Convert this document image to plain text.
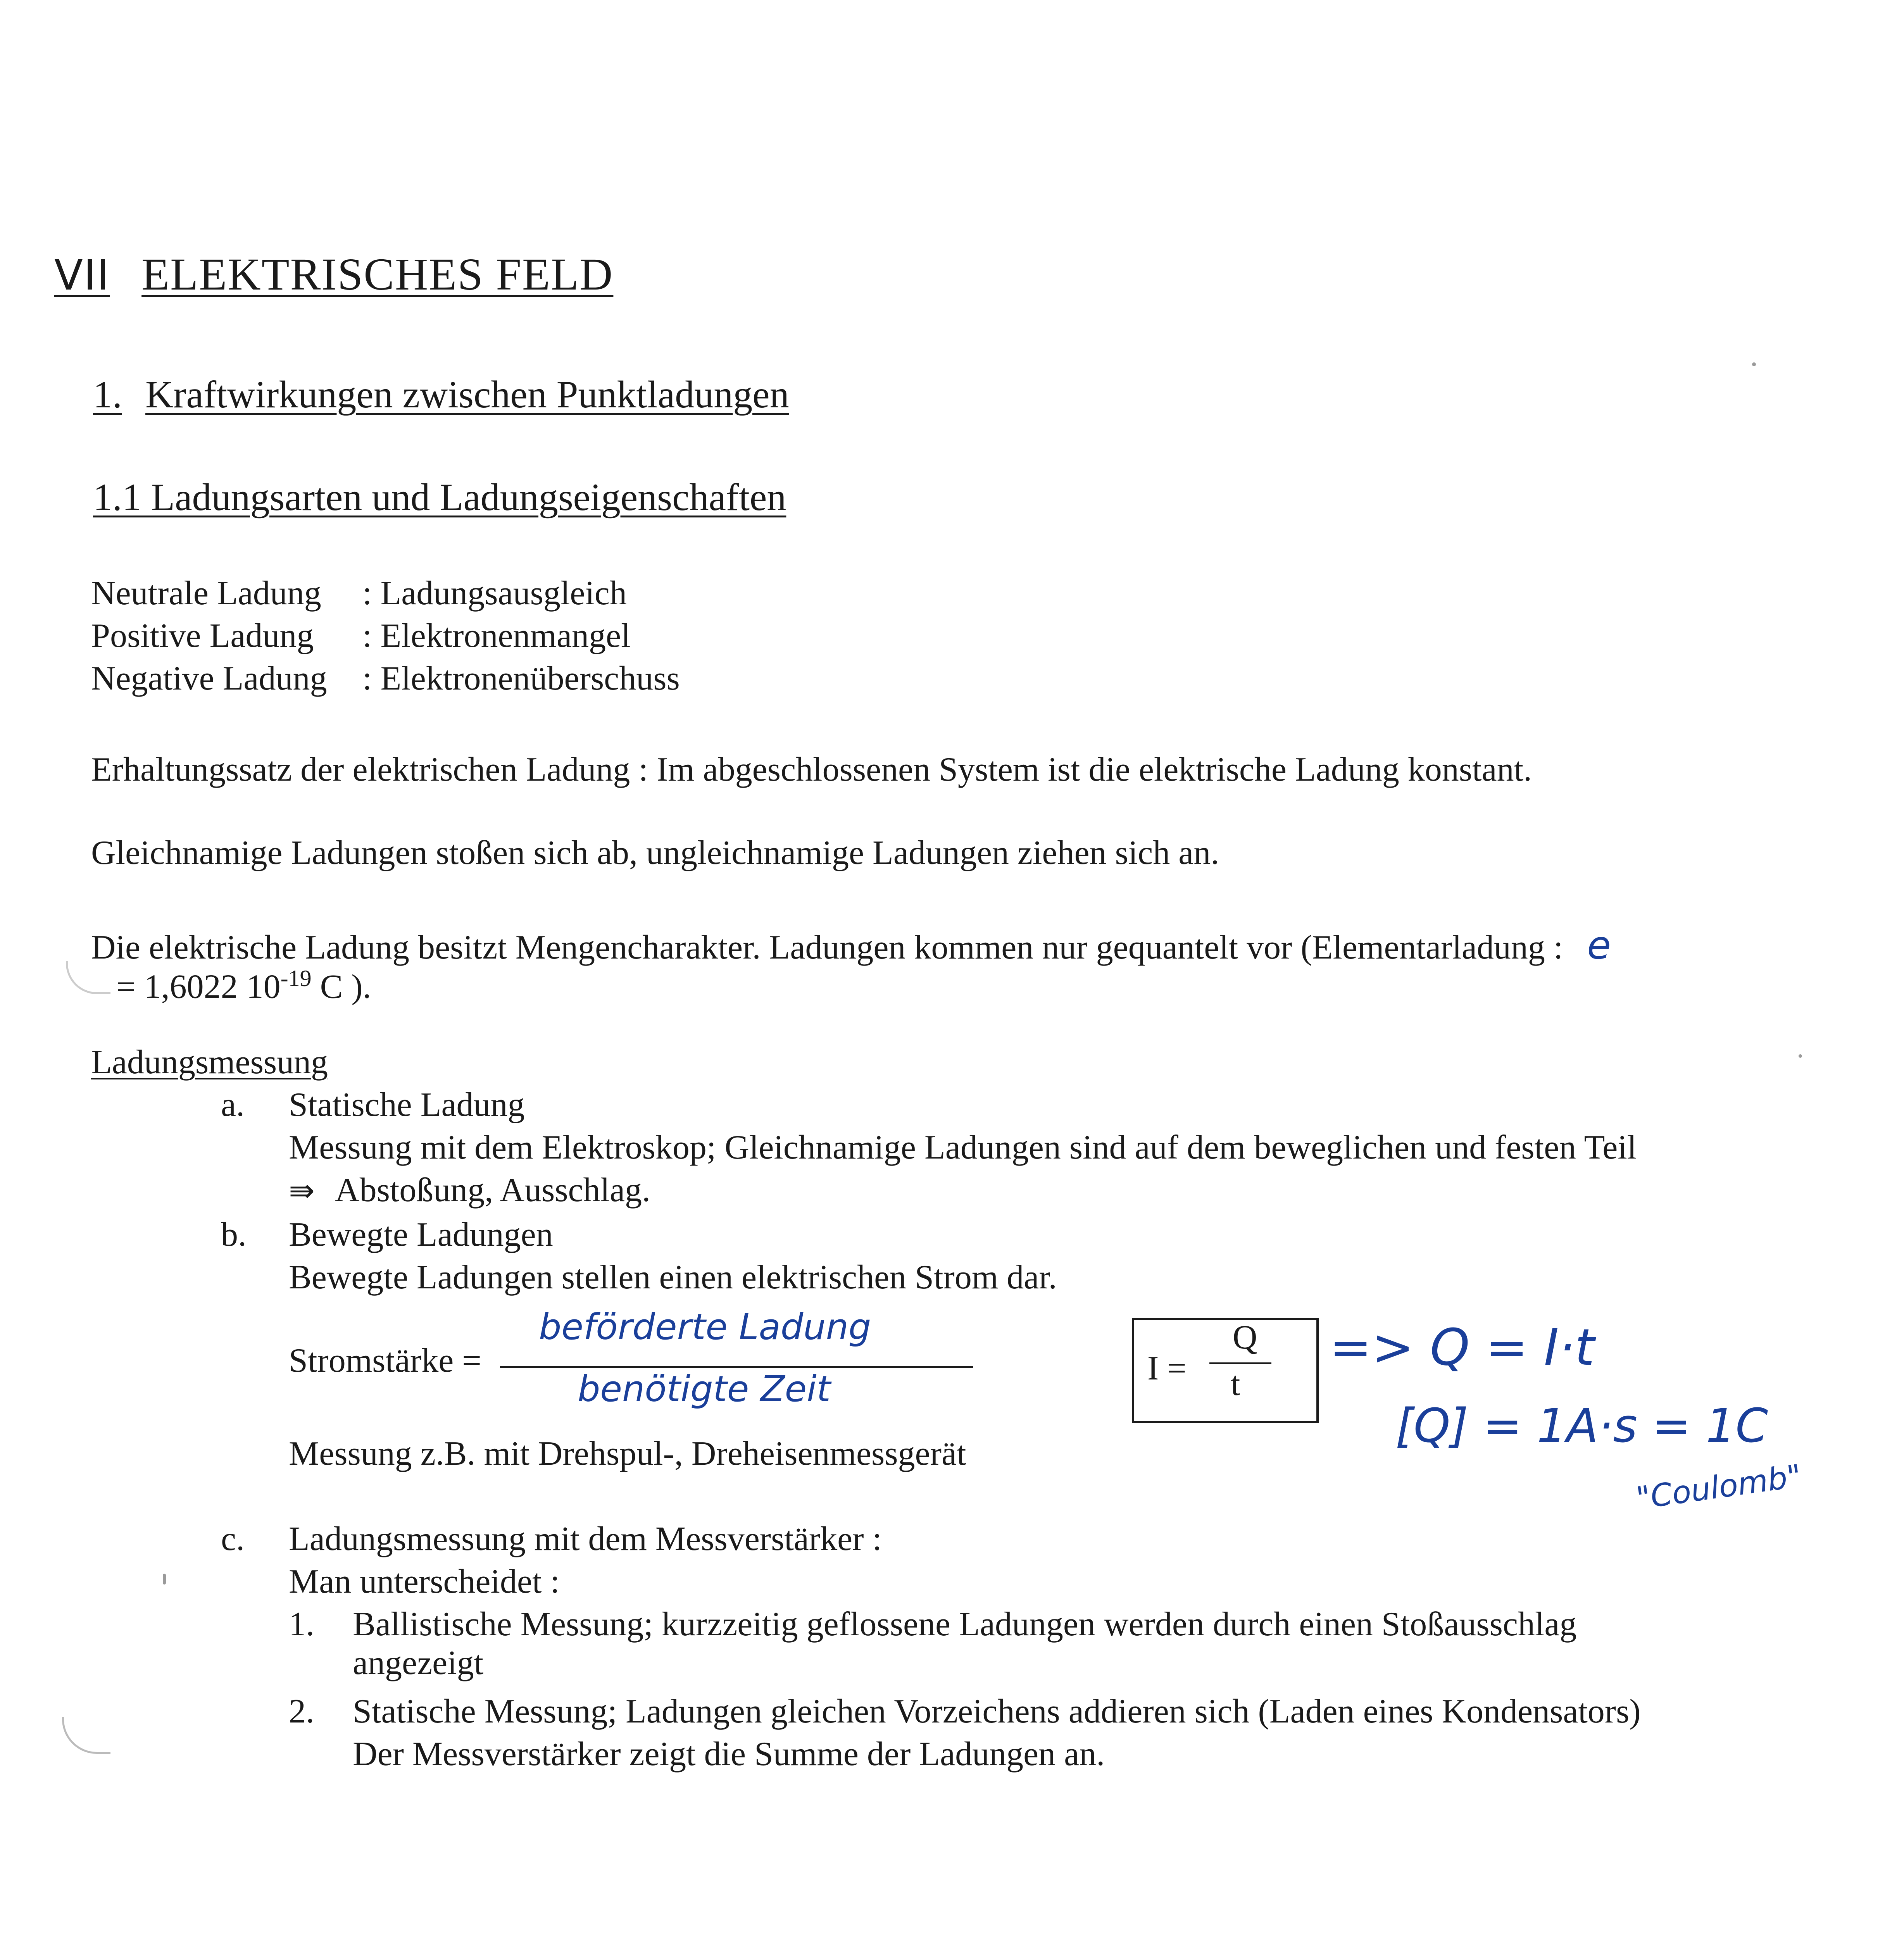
VII ELEKTRISCHES FELD
1. Kraftwirkungen zwischen Punktladungen
1.1 Ladungsarten und Ladungseigenschaften
Neutrale Ladung : Ladungsausgleich
Positive Ladung : Elektronenmangel
Negative Ladung : Elektronenüberschuss
Erhaltungssatz der elektrischen Ladung : Im abgeschlossenen System ist die elektrische Ladung konstant.
Gleichnamige Ladungen stoßen sich ab, ungleichnamige Ladungen ziehen sich an.
Die elektrische Ladung besitzt Mengencharakter. Ladungen kommen nur gequantelt vor (Elementarladung : e
= 1,6022 $10^{-19}$ C ).
Ladungsmessung
a. Statische Ladung
Messung mit dem Elektroskop; Gleichnamige Ladungen sind auf dem beweglichen und festen Teil
⇛ Abstoßung, Ausschlag.
b. Bewegte Ladungen
Bewegte Ladungen stellen einen elektrischen Strom dar.
Stromstärke =
beförderte Ladung
benötigte Zeit	I =
Q
t
=> Q = I·t
[Q] = 1A·s = 1C
"Coulomb"
Messung z.B. mit Drehspul-, Dreheisenmessgerät
c. Ladungsmessung mit dem Messverstärker :
Man unterscheidet :
1. Ballistische Messung; kurzzeitig geflossene Ladungen werden durch einen Stoßausschlag
angezeigt
2. Statische Messung; Ladungen gleichen Vorzeichens addieren sich (Laden eines Kondensators)
Der Messverstärker zeigt die Summe der Ladungen an.
